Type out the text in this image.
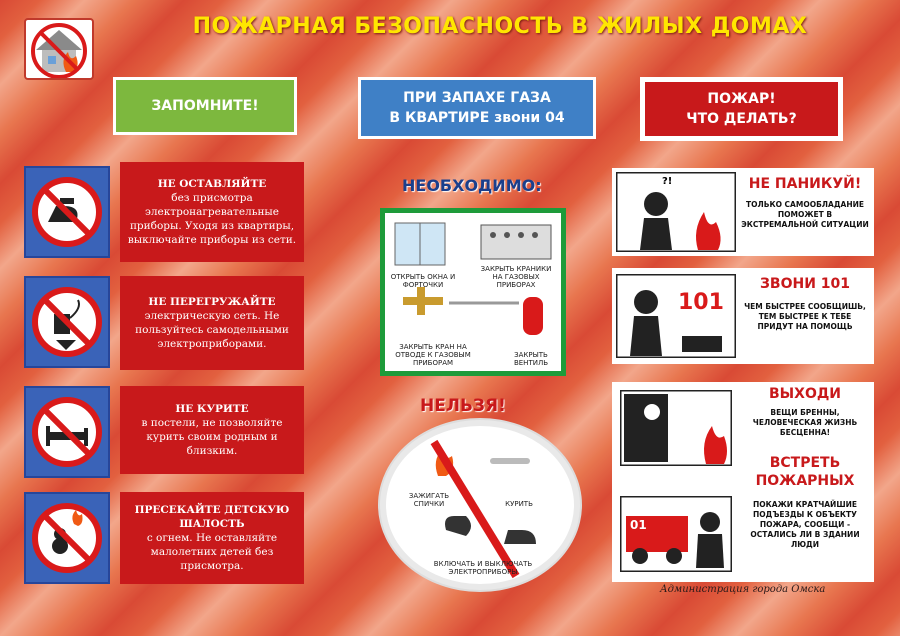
ПОЖАРНАЯ БЕЗОПАСНОСТЬ В ЖИЛЫХ ДОМАХ
ЗАПОМНИТЕ!	ПРИ ЗАПАХЕ ГАЗА
В КВАРТИРЕ звони 04
ПОЖАР!
ЧТО ДЕЛАТЬ?
НЕ ОСТАВЛЯЙТЕ
без присмотра электронагревательные приборы. Уходя из квартиры, выключайте приборы из сети.
НЕ ПЕРЕГРУЖАЙТЕ
электрическую сеть. Не пользуйтесь самодельными электроприборами.
НЕ КУРИТЕ
в постели, не позволяйте курить своим родным и близким.
ПРЕСЕКАЙТЕ ДЕТСКУЮ ШАЛОСТЬ
с огнем. Не оставляйте малолетних детей без присмотра.
НЕОБХОДИМО:
ОТКРЫТЬ ОКНА И ФОРТОЧКИ
ЗАКРЫТЬ КРАНИКИ НА ГАЗОВЫХ ПРИБОРАХ
ЗАКРЫТЬ КРАН НА ОТВОДЕ К ГАЗОВЫМ ПРИБОРАМ
ЗАКРЫТЬ ВЕНТИЛЬ
НЕЛЬЗЯ!
ЗАЖИГАТЬ СПИЧКИ	КУРИТЬ
ВКЛЮЧАТЬ И ВЫКЛЮЧАТЬ ЭЛЕКТРОПРИБОРЫ
?!	НЕ ПАНИКУЙ!
ТОЛЬКО САМООБЛАДАНИЕ ПОМОЖЕТ В ЭКСТРЕМАЛЬНОЙ СИТУАЦИИ
101
ЗВОНИ 101
ЧЕМ БЫСТРЕЕ СООБЩИШЬ, ТЕМ БЫСТРЕЕ К ТЕБЕ ПРИДУТ НА ПОМОЩЬ
ВЫХОДИ
ВЕЩИ БРЕННЫ, ЧЕЛОВЕЧЕСКАЯ ЖИЗНЬ БЕСЦЕННА!
01
ВСТРЕТЬ ПОЖАРНЫХ
ПОКАЖИ КРАТЧАЙШИЕ ПОДЪЕЗДЫ К ОБЪЕКТУ ПОЖАРА, СООБЩИ - ОСТАЛИСЬ ЛИ В ЗДАНИИ ЛЮДИ
Администрация города Омска
